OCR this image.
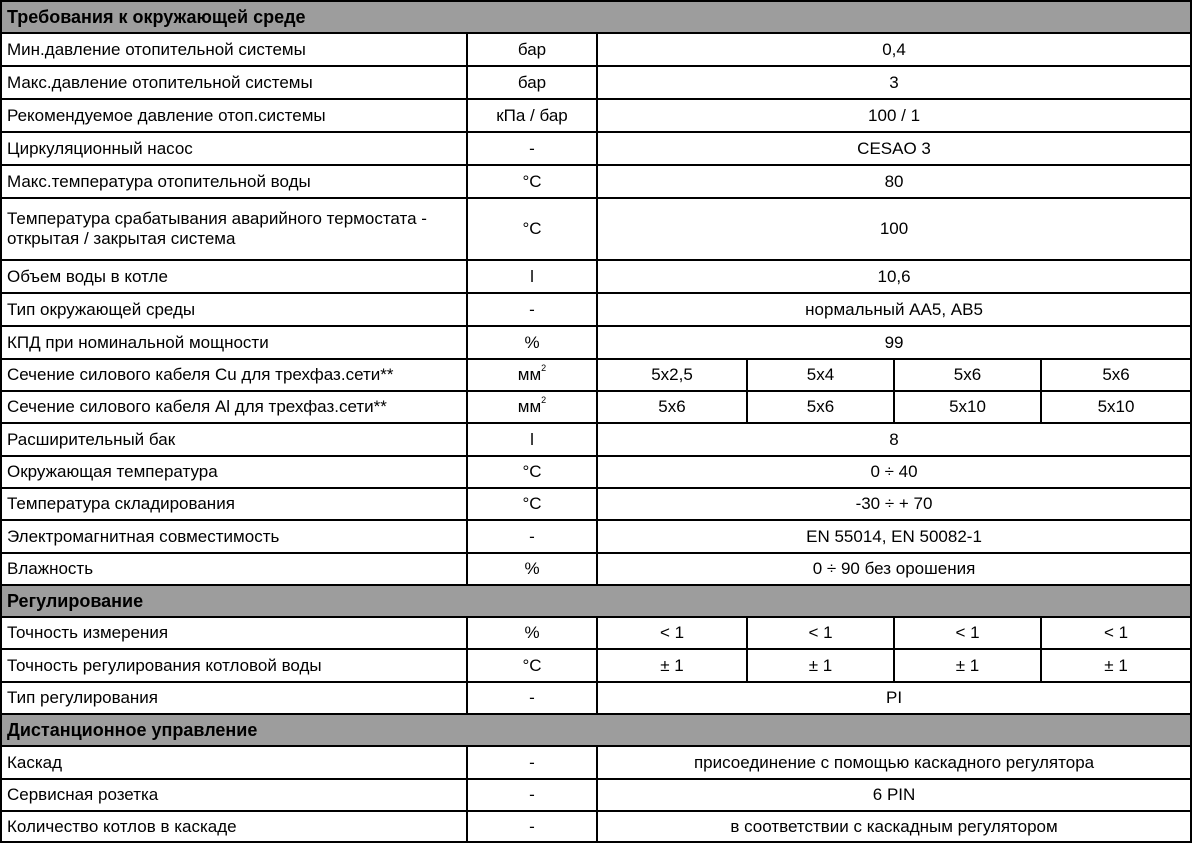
Требования к окружающей среде					
Мин.давление отопительной системы	бар	0,4			
Макс.давление отопительной системы	бар	3			
Рекомендуемое давление отоп.системы	кПа / бар	100 / 1			
Циркуляционный насос	-	CESAO 3			
Макс.температура отопительной воды	°C	80			
Температура срабатывания аварийного термостата - открытая / закрытая система	°C	100			
Объем воды в котле	l	10,6			
Тип окружающей среды	-	нормальный АА5, АВ5			
КПД при номинальной мощности	%	99			
Сечение силового кабеля Cu для трехфаз.сети**	$мм^2$	5x2,5	5x4	5x6	5x6
Сечение силового кабеля Al для трехфаз.сети**	$мм^2$	5x6	5x6	5x10	5x10
Расширительный бак	l	8			
Окружающая температура	°C	0 ÷ 40			
Температура складирования	°C	-30 ÷ + 70			
Электромагнитная совместимость	-	EN 55014, EN 50082-1			
Влажность	%	0 ÷ 90 без орошения			
Регулирование					
Точность измерения	%	< 1	< 1	< 1	< 1
Точность регулирования котловой воды	°C	± 1	± 1	± 1	± 1
Тип регулирования	-	PI			
Дистанционное управление					
Каскад	-	присоединение с помощью каскадного регулятора			
Сервисная розетка	-	6 PIN			
Количество котлов в каскаде	-	в соответствии с каскадным регулятором			
